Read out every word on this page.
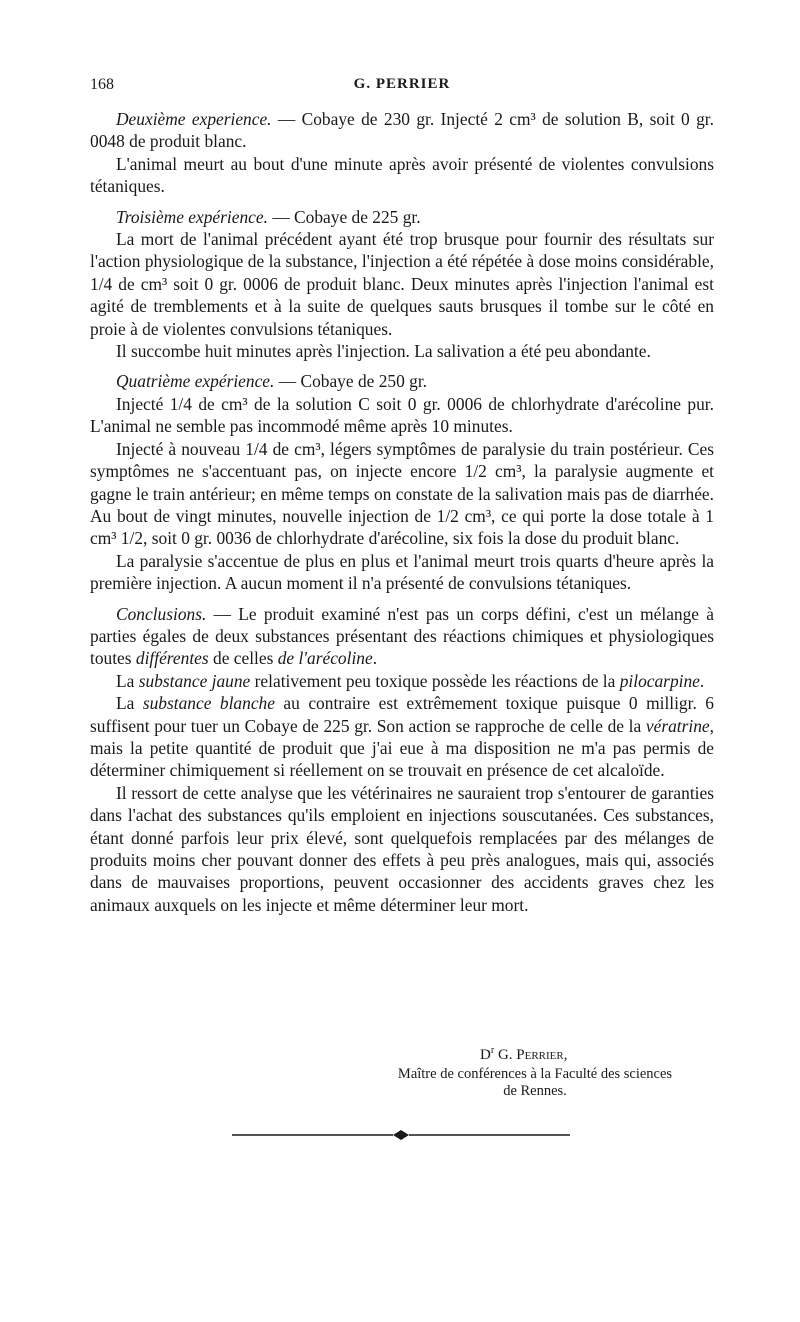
168	G. PERRIER

Deuxième experience. — Cobaye de 230 gr. Injecté 2 cm³ de solution B, soit 0 gr. 0048 de produit blanc.

L'animal meurt au bout d'une minute après avoir présenté de violentes convulsions tétaniques.

Troisième expérience. — Cobaye de 225 gr.

La mort de l'animal précédent ayant été trop brusque pour fournir des résultats sur l'action physiologique de la substance, l'injection a été répétée à dose moins considérable, 1/4 de cm³ soit 0 gr. 0006 de produit blanc. Deux minutes après l'injection l'animal est agité de tremblements et à la suite de quelques sauts brusques il tombe sur le côté en proie à de violentes convulsions tétaniques.

Il succombe huit minutes après l'injection. La salivation a été peu abondante.

Quatrième expérience. — Cobaye de 250 gr.

Injecté 1/4 de cm³ de la solution C soit 0 gr. 0006 de chlorhydrate d'arécoline pur. L'animal ne semble pas incommodé même après 10 minutes.

Injecté à nouveau 1/4 de cm³, légers symptômes de paralysie du train postérieur. Ces symptômes ne s'accentuant pas, on injecte encore 1/2 cm³, la paralysie augmente et gagne le train antérieur; en même temps on constate de la salivation mais pas de diarrhée. Au bout de vingt minutes, nouvelle injection de 1/2 cm³, ce qui porte la dose totale à 1 cm³ 1/2, soit 0 gr. 0036 de chlorhydrate d'arécoline, six fois la dose du produit blanc.

La paralysie s'accentue de plus en plus et l'animal meurt trois quarts d'heure après la première injection. A aucun moment il n'a présenté de convulsions tétaniques.

Conclusions. — Le produit examiné n'est pas un corps défini, c'est un mélange à parties égales de deux substances présentant des réactions chimiques et physiologiques toutes différentes de celles de l'arécoline.

La substance jaune relativement peu toxique possède les réactions de la pilocarpine.

La substance blanche au contraire est extrêmement toxique puisque 0 milligr. 6 suffisent pour tuer un Cobaye de 225 gr. Son action se rapproche de celle de la vératrine, mais la petite quantité de produit que j'ai eue à ma disposition ne m'a pas permis de déterminer chimiquement si réellement on se trouvait en présence de cet alcaloïde.

Il ressort de cette analyse que les vétérinaires ne sauraient trop s'entourer de garanties dans l'achat des substances qu'ils emploient en injections souscutanées. Ces substances, étant donné parfois leur prix élevé, sont quelquefois remplacées par des mélanges de produits moins cher pouvant donner des effets à peu près analogues, mais qui, associés dans de mauvaises proportions, peuvent occasionner des accidents graves chez les animaux auxquels on les injecte et même déterminer leur mort.

$D^r$ G. Perrier,
Maître de conférences à la Faculté des sciences
de Rennes.
